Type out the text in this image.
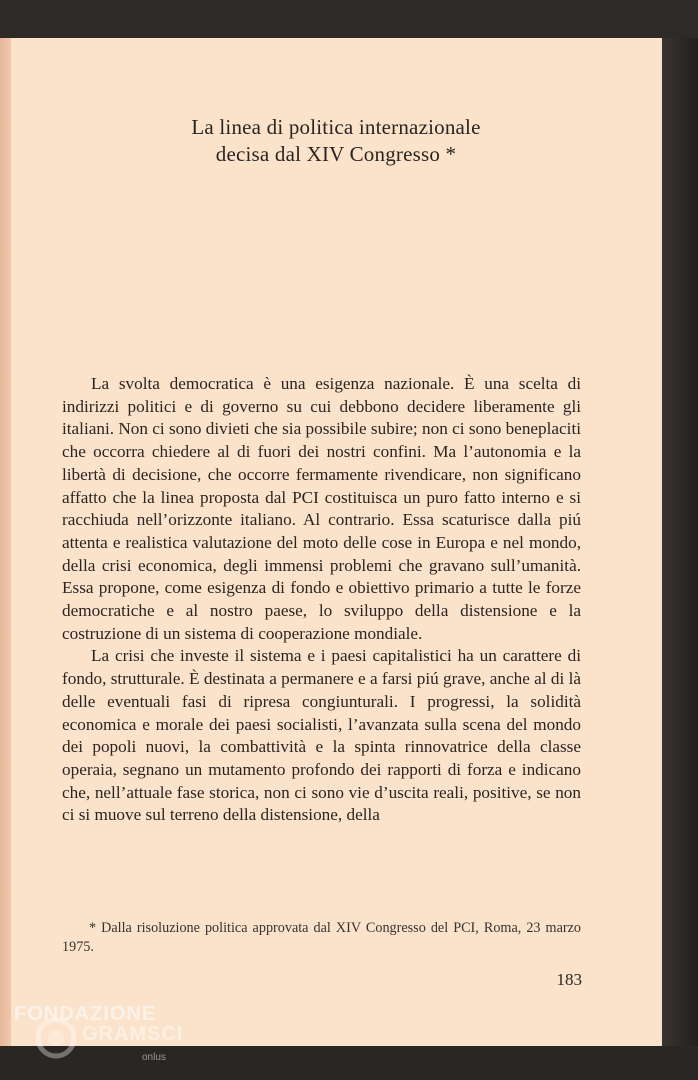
La linea di politica internazionale
decisa dal XIV Congresso *

La svolta democratica è una esigenza nazionale. È una scelta di indirizzi politici e di governo su cui debbono decidere liberamente gli italiani. Non ci sono divieti che sia possibile subire; non ci sono beneplaciti che occorra chiedere al di fuori dei nostri confini. Ma l’autonomia e la libertà di decisione, che occorre fermamente rivendicare, non significano affatto che la linea proposta dal PCI costituisca un puro fatto interno e si racchiuda nell’orizzonte italiano. Al contrario. Essa scaturisce dalla piú attenta e realistica valutazione del moto delle cose in Europa e nel mondo, della crisi economica, degli immensi problemi che gravano sull’umanità. Essa propone, come esigenza di fondo e obiettivo primario a tutte le forze democratiche e al nostro paese, lo sviluppo della distensione e la costruzione di un sistema di cooperazione mondiale.

La crisi che investe il sistema e i paesi capitalistici ha un carattere di fondo, strutturale. È destinata a permanere e a farsi piú grave, anche al di là delle eventuali fasi di ripresa congiunturali. I progressi, la solidità economica e morale dei paesi socialisti, l’avanzata sulla scena del mondo dei popoli nuovi, la combattività e la spinta rinnovatrice della classe operaia, segnano un mutamento profondo dei rapporti di forza e indicano che, nell’attuale fase storica, non ci sono vie d’uscita reali, positive, se non ci si muove sul terreno della distensione, della

* Dalla risoluzione politica approvata dal XIV Congresso del PCI, Roma, 23 marzo 1975.

183
FONDAZIONE
GRAMSCI
onlus
